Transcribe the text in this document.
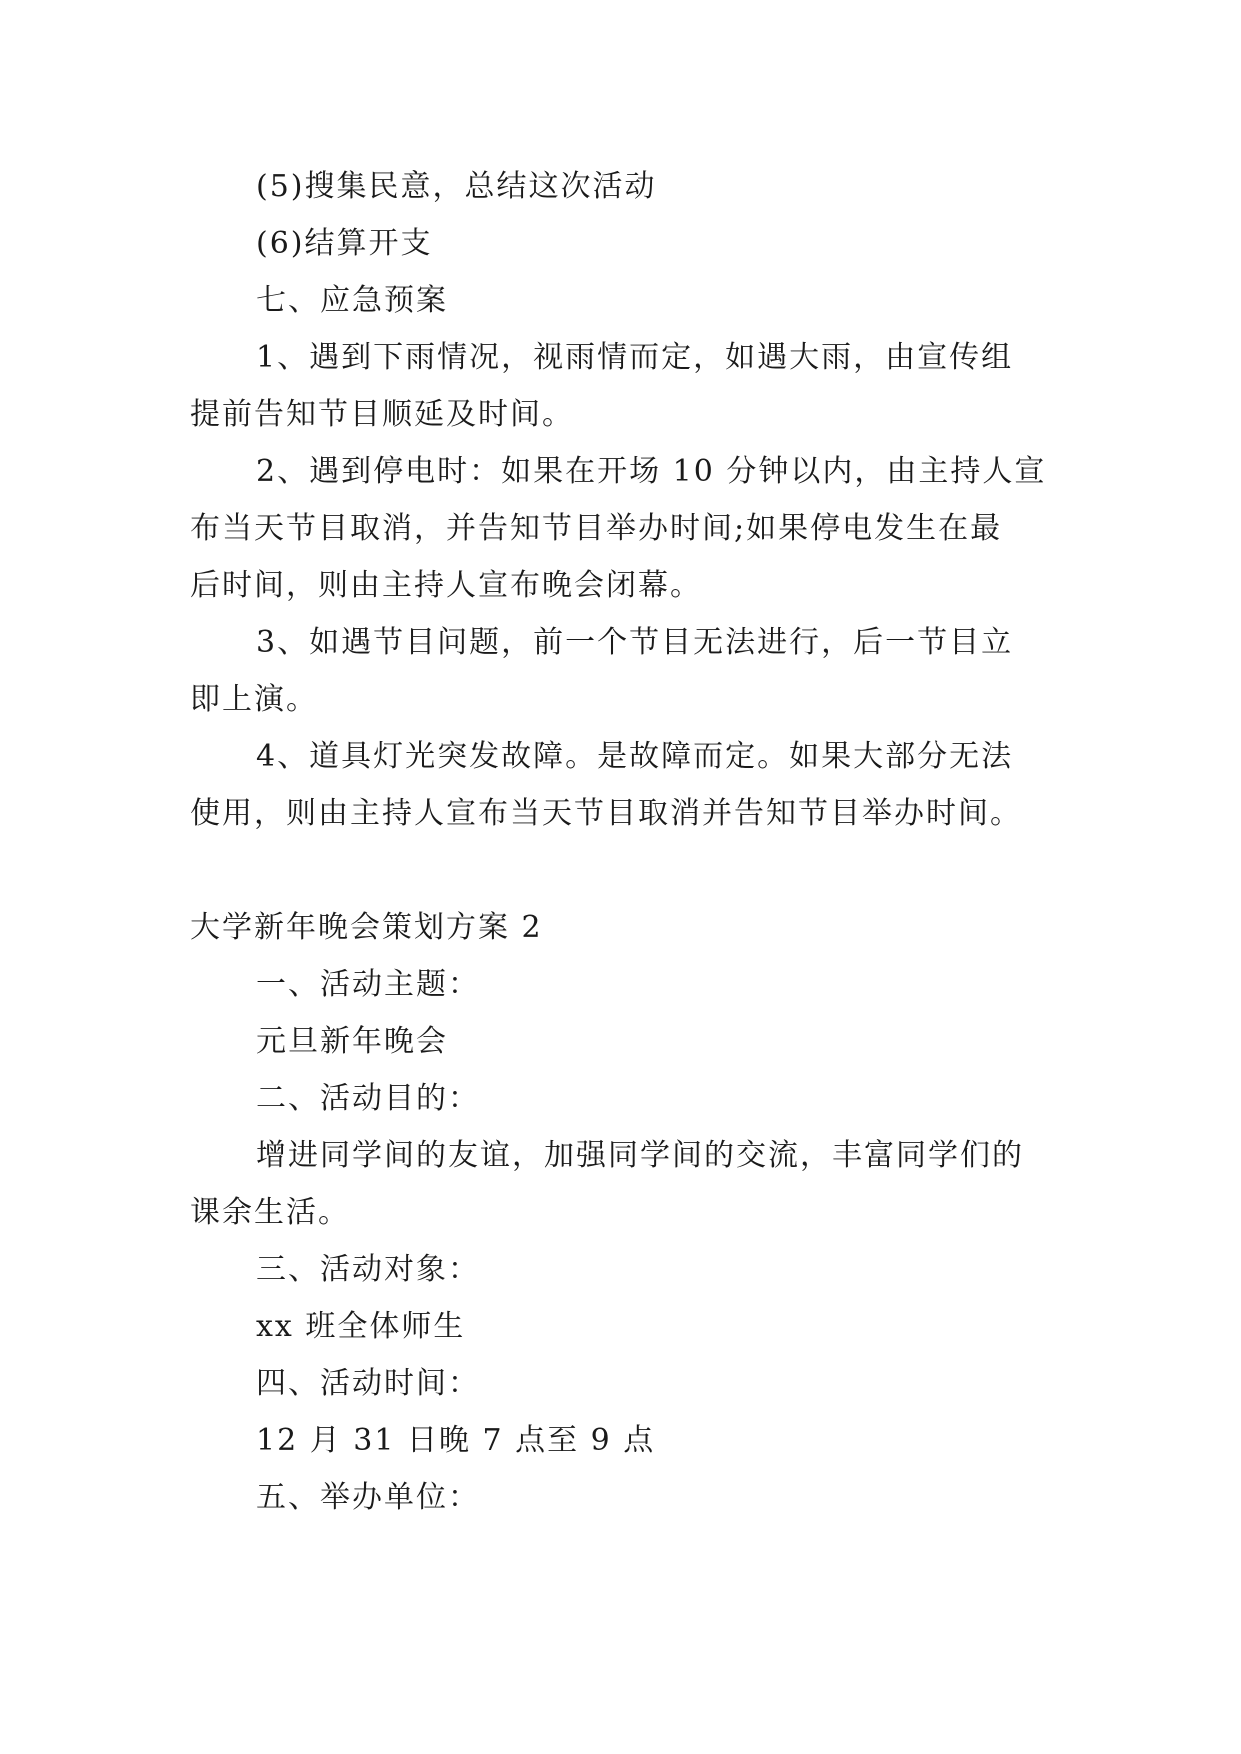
(5)搜集民意，总结这次活动
(6)结算开支
七、应急预案
1、遇到下雨情况，视雨情而定，如遇大雨，由宣传组
提前告知节目顺延及时间。
2、遇到停电时：如果在开场 10 分钟以内，由主持人宣
布当天节目取消，并告知节目举办时间;如果停电发生在最
后时间，则由主持人宣布晚会闭幕。
3、如遇节目问题，前一个节目无法进行，后一节目立
即上演。
4、道具灯光突发故障。是故障而定。如果大部分无法
使用，则由主持人宣布当天节目取消并告知节目举办时间。
大学新年晚会策划方案 2
一、活动主题：
元旦新年晚会
二、活动目的：
增进同学间的友谊，加强同学间的交流，丰富同学们的
课余生活。
三、活动对象：
xx 班全体师生
四、活动时间：
12 月 31 日晚 7 点至 9 点
五、举办单位：
